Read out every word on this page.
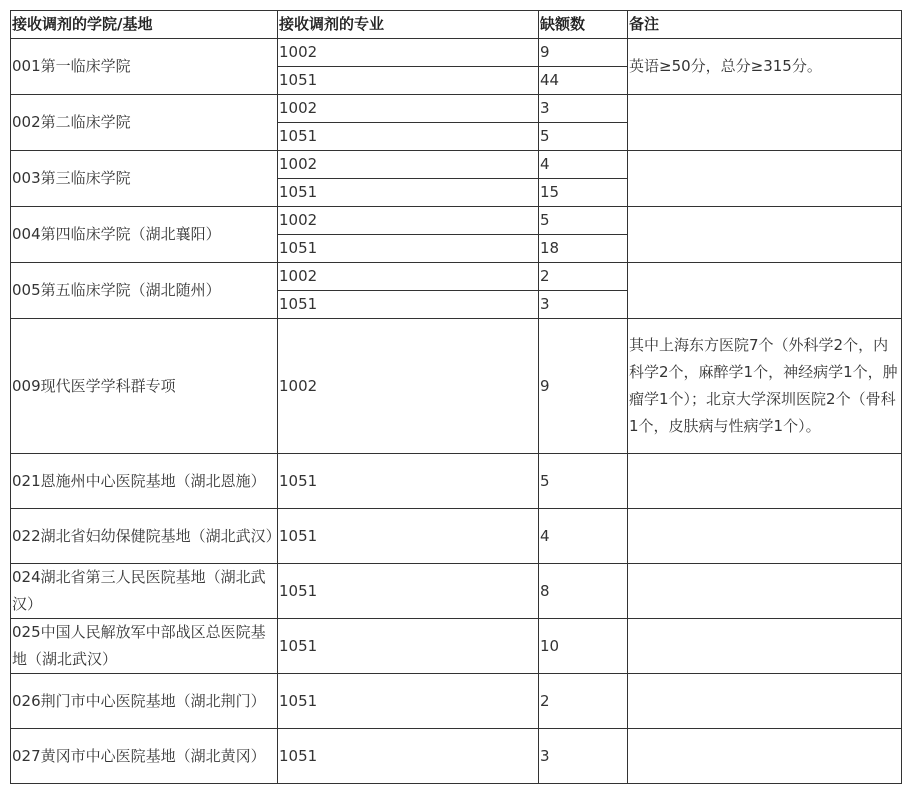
接收调剂的学院/基地	接收调剂的专业	缺额数	备注
001第一临床学院	1002	9	英语≥50分，总分≥315分。
	1051	44	
002第二临床学院	1002	3	
	1051	5	
003第三临床学院	1002	4	
	1051	15	
004第四临床学院（湖北襄阳）	1002	5	
	1051	18	
005第五临床学院（湖北随州）	1002	2	
	1051	3	
009现代医学学科群专项	1002	9	其中上海东方医院7个（外科学2个，内科学2个，麻醉学1个，神经病学1个，肿瘤学1个）；北京大学深圳医院2个（骨科1个，皮肤病与性病学1个）。
021恩施州中心医院基地（湖北恩施）	1051	5	
022湖北省妇幼保健院基地（湖北武汉）	1051	4	
024湖北省第三人民医院基地（湖北武汉）	1051	8	
025中国人民解放军中部战区总医院基地（湖北武汉）	1051	10	
026荆门市中心医院基地（湖北荆门）	1051	2	
027黄冈市中心医院基地（湖北黄冈）	1051	3	
